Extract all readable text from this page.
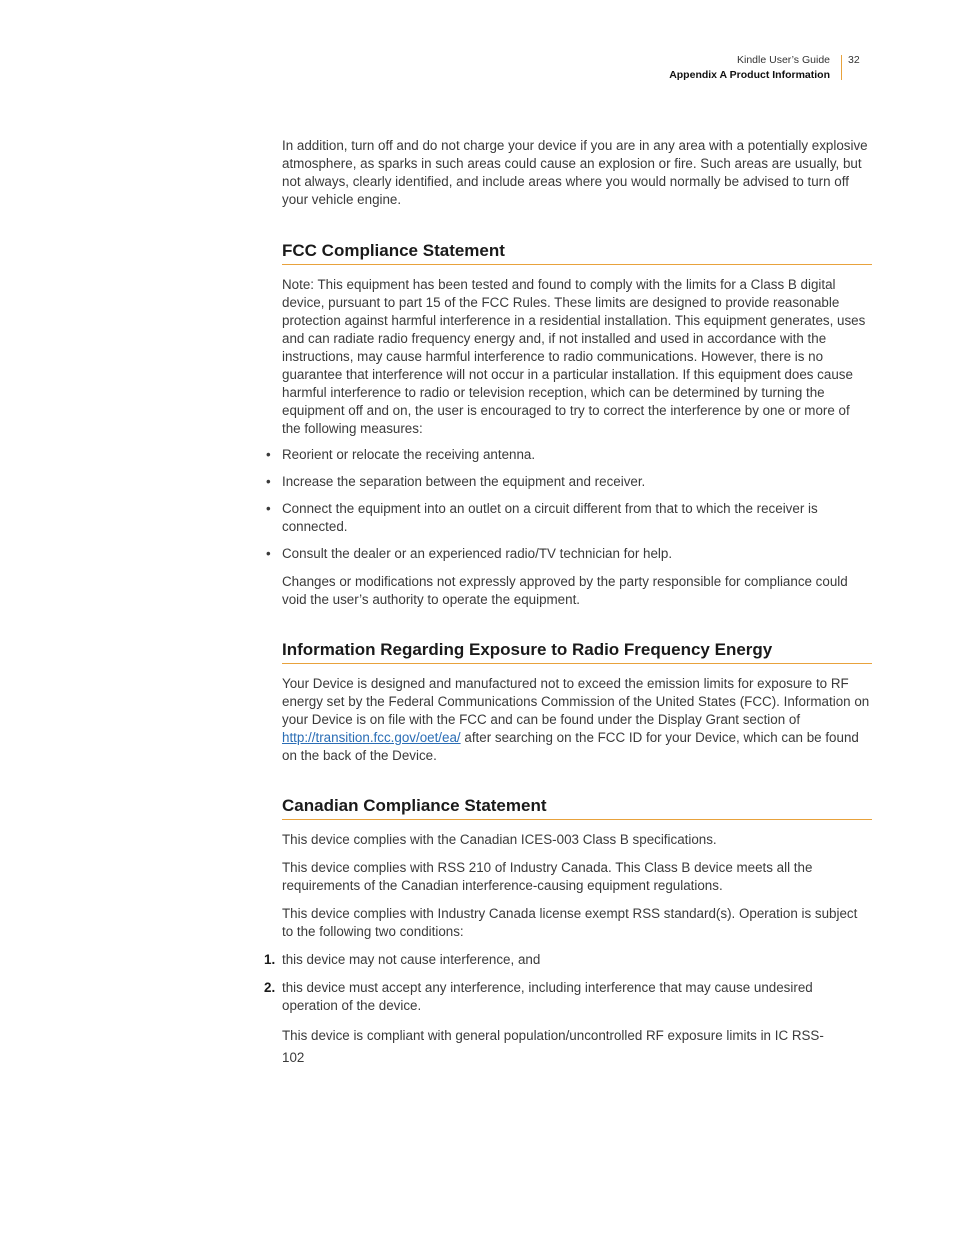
Kindle User’s Guide
Appendix A Product Information
32

In addition, turn off and do not charge your device if you are in any area with a potentially explosive atmosphere, as sparks in such areas could cause an explosion or fire. Such areas are usually, but not always, clearly identified, and include areas where you would normally be advised to turn off your vehicle engine.

FCC Compliance Statement

Note: This equipment has been tested and found to comply with the limits for a Class B digital device, pursuant to part 15 of the FCC Rules. These limits are designed to provide reasonable protection against harmful interference in a residential installation. This equipment generates, uses and can radiate radio frequency energy and, if not installed and used in accordance with the instructions, may cause harmful interference to radio communications. However, there is no guarantee that interference will not occur in a particular installation. If this equipment does cause harmful interference to radio or television reception, which can be determined by turning the equipment off and on, the user is encouraged to try to correct the interference by one or more of the following measures:

• Reorient or relocate the receiving antenna.
• Increase the separation between the equipment and receiver.
• Connect the equipment into an outlet on a circuit different from that to which the receiver is connected.
• Consult the dealer or an experienced radio/TV technician for help.

Changes or modifications not expressly approved by the party responsible for compliance could void the user’s authority to operate the equipment.

Information Regarding Exposure to Radio Frequency Energy

Your Device is designed and manufactured not to exceed the emission limits for exposure to RF energy set by the Federal Communications Commission of the United States (FCC). Information on your Device is on file with the FCC and can be found under the Display Grant section of http://transition.fcc.gov/oet/ea/ after searching on the FCC ID for your Device, which can be found on the back of the Device.

Canadian Compliance Statement

This device complies with the Canadian ICES-003 Class B specifications.

This device complies with RSS 210 of Industry Canada. This Class B device meets all the requirements of the Canadian interference-causing equipment regulations.

This device complies with Industry Canada license exempt RSS standard(s). Operation is subject to the following two conditions:

1. this device may not cause interference, and
2. this device must accept any interference, including interference that may cause undesired operation of the device.

This device is compliant with general population/uncontrolled RF exposure limits in IC RSS-
102
